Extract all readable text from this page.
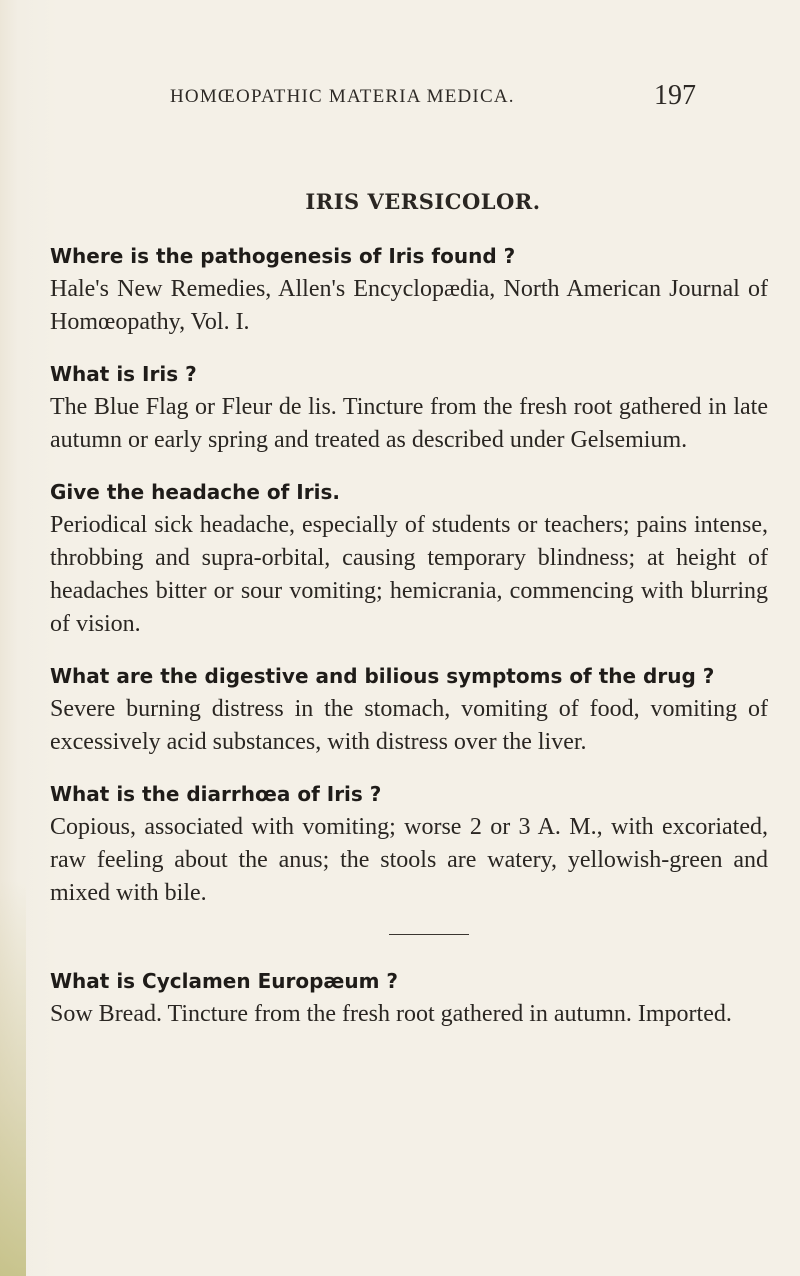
HOMŒOPATHIC MATERIA MEDICA.	197
IRIS VERSICOLOR.

Where is the pathogenesis of Iris found ?

Hale's New Remedies, Allen's Encyclopædia, North American Journal of Homœopathy, Vol. I.

What is Iris ?

The Blue Flag or Fleur de lis. Tincture from the fresh root gathered in late autumn or early spring and treated as described under Gelsemium.

Give the headache of Iris.

Periodical sick headache, especially of students or teachers; pains intense, throbbing and supra-orbital, causing temporary blindness; at height of headaches bitter or sour vomiting; hemicrania, commencing with blurring of vision.

What are the digestive and bilious symptoms of the drug ?

Severe burning distress in the stomach, vomiting of food, vomiting of excessively acid substances, with distress over the liver.

What is the diarrhœa of Iris ?

Copious, associated with vomiting; worse 2 or 3 A. M., with excoriated, raw feeling about the anus; the stools are watery, yellowish-green and mixed with bile.

What is Cyclamen Europæum ?

Sow Bread. Tincture from the fresh root gathered in autumn. Imported.
